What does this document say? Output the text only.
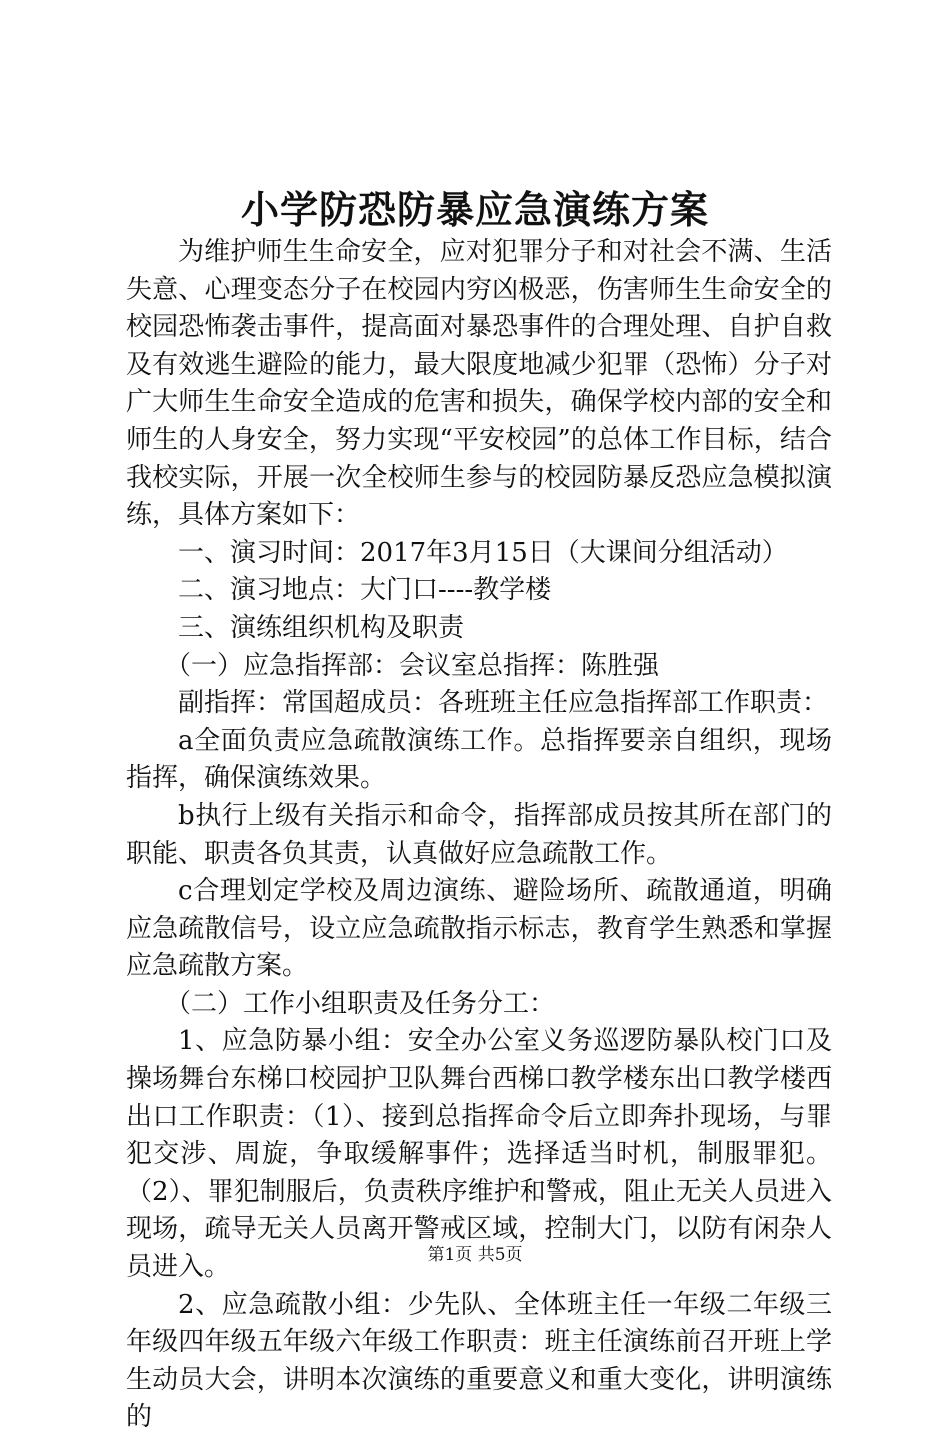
小学防恐防暴应急演练方案

为维护师生生命安全，应对犯罪分子和对社会不满、生活失意、心理变态分子在校园内穷凶极恶，伤害师生生命安全的校园恐怖袭击事件，提高面对暴恐事件的合理处理、自护自救及有效逃生避险的能力，最大限度地减少犯罪（恐怖）分子对广大师生生命安全造成的危害和损失，确保学校内部的安全和师生的人身安全，努力实现“平安校园”的总体工作目标，结合我校实际，开展一次全校师生参与的校园防暴反恐应急模拟演练，具体方案如下：

一、演习时间：2017年3月15日（大课间分组活动）

二、演习地点：大门口----教学楼

三、演练组织机构及职责

（一）应急指挥部：会议室总指挥：陈胜强

副指挥：常国超成员：各班班主任应急指挥部工作职责：

a全面负责应急疏散演练工作。总指挥要亲自组织，现场指挥，确保演练效果。

b执行上级有关指示和命令，指挥部成员按其所在部门的职能、职责各负其责，认真做好应急疏散工作。

c合理划定学校及周边演练、避险场所、疏散通道，明确应急疏散信号，设立应急疏散指示标志，教育学生熟悉和掌握应急疏散方案。

（二）工作小组职责及任务分工：

1、应急防暴小组：安全办公室义务巡逻防暴队校门口及操场舞台东梯口校园护卫队舞台西梯口教学楼东出口教学楼西出口工作职责：（1）、接到总指挥命令后立即奔扑现场，与罪犯交涉、周旋，争取缓解事件；选择适当时机，制服罪犯。（2）、罪犯制服后，负责秩序维护和警戒，阻止无关人员进入现场，疏导无关人员离开警戒区域，控制大门，以防有闲杂人员进入。

2、应急疏散小组：少先队、全体班主任一年级二年级三年级四年级五年级六年级工作职责：班主任演练前召开班上学生动员大会，讲明本次演练的重要意义和重大变化，讲明演练的

第1页 共5页
